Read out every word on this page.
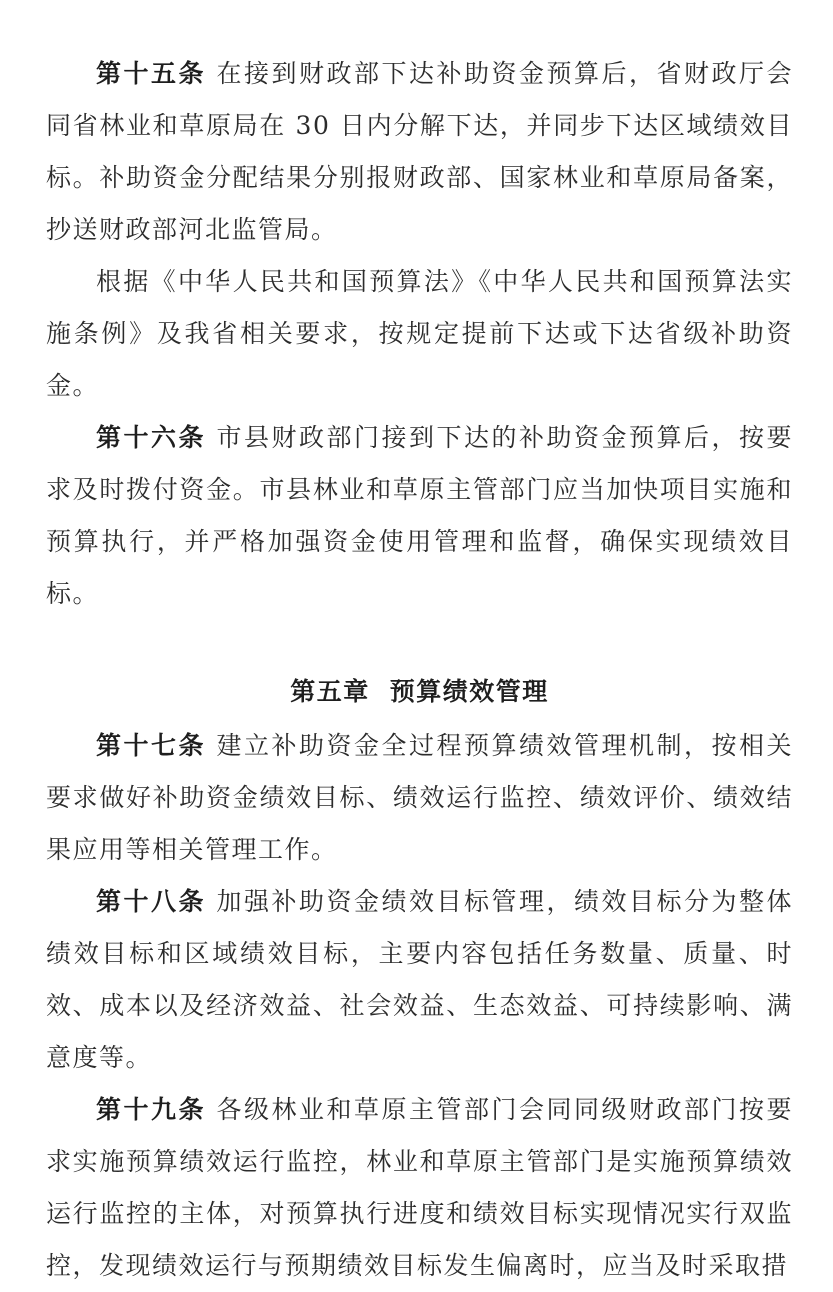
第十五条 在接到财政部下达补助资金预算后，省财政厅会同省林业和草原局在 30 日内分解下达，并同步下达区域绩效目标。补助资金分配结果分别报财政部、国家林业和草原局备案，抄送财政部河北监管局。

根据《中华人民共和国预算法》《中华人民共和国预算法实施条例》及我省相关要求，按规定提前下达或下达省级补助资金。

第十六条 市县财政部门接到下达的补助资金预算后，按要求及时拨付资金。市县林业和草原主管部门应当加快项目实施和预算执行，并严格加强资金使用管理和监督，确保实现绩效目标。

第五章 预算绩效管理

第十七条 建立补助资金全过程预算绩效管理机制，按相关要求做好补助资金绩效目标、绩效运行监控、绩效评价、绩效结果应用等相关管理工作。

第十八条 加强补助资金绩效目标管理，绩效目标分为整体绩效目标和区域绩效目标，主要内容包括任务数量、质量、时效、成本以及经济效益、社会效益、生态效益、可持续影响、满意度等。

第十九条 各级林业和草原主管部门会同同级财政部门按要求实施预算绩效运行监控，林业和草原主管部门是实施预算绩效运行监控的主体，对预算执行进度和绩效目标实现情况实行双监控，发现绩效运行与预期绩效目标发生偏离时，应当及时采取措
